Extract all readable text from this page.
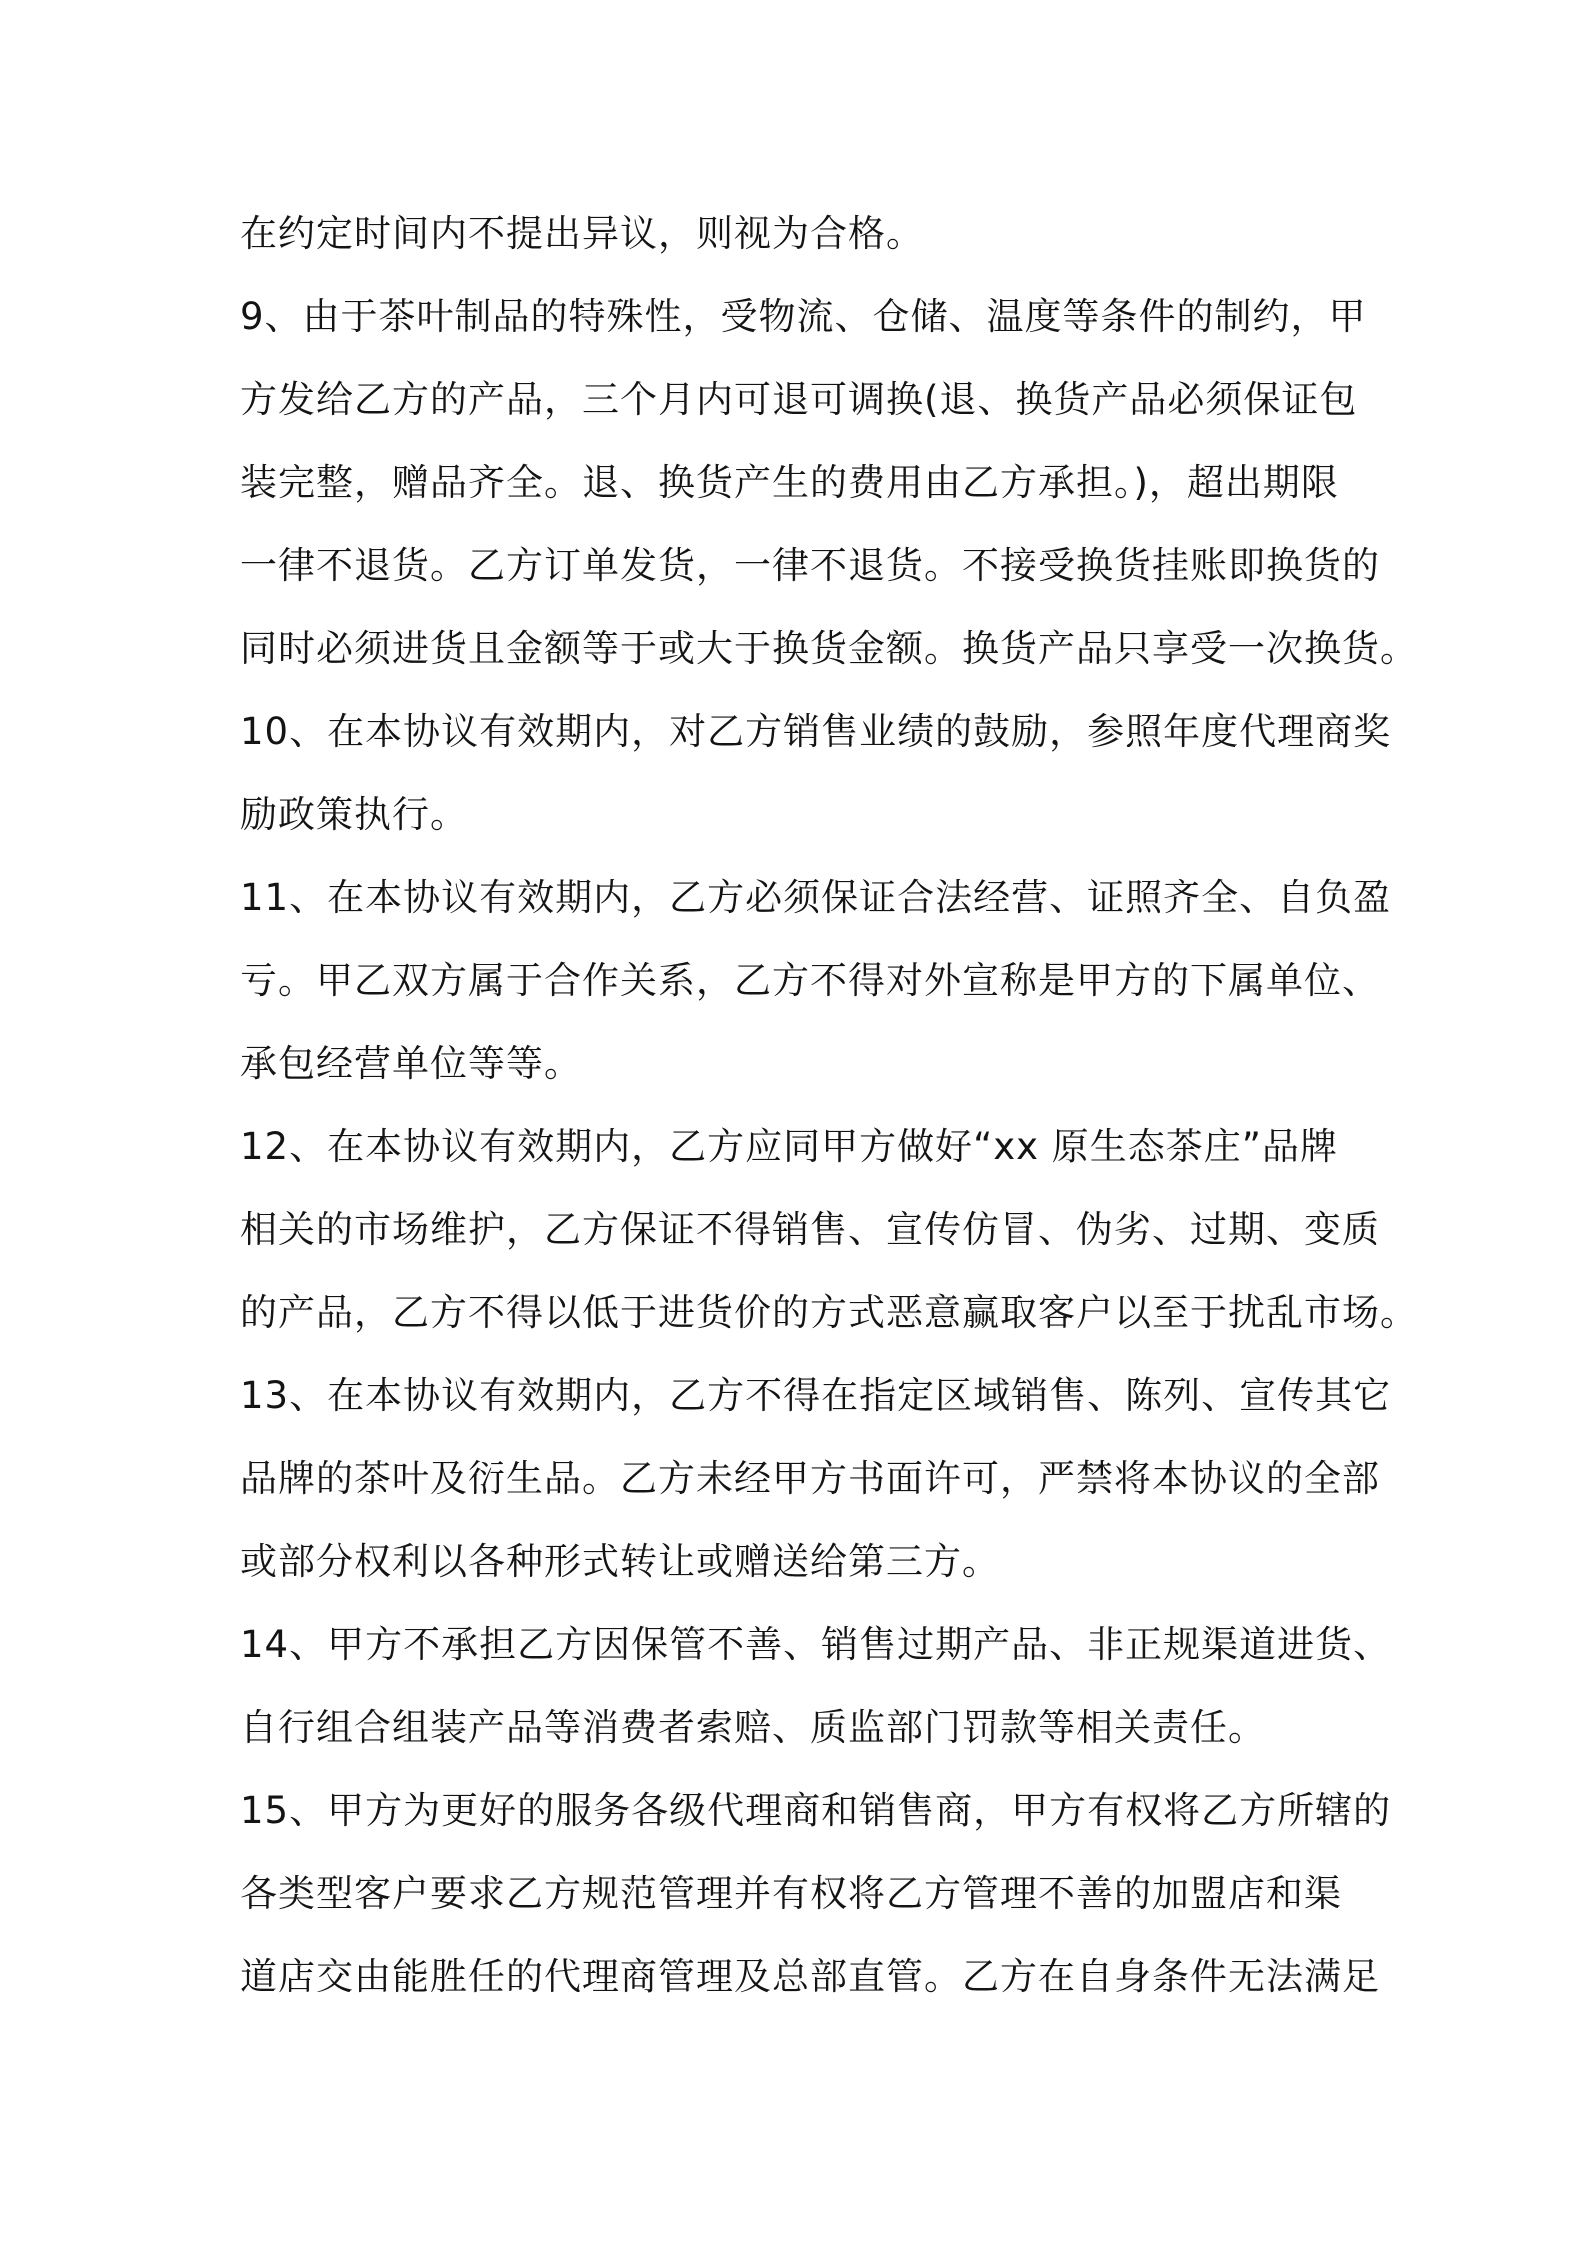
在约定时间内不提出异议，则视为合格。
9、由于茶叶制品的特殊性，受物流、仓储、温度等条件的制约，甲
方发给乙方的产品，三个月内可退可调换(退、换货产品必须保证包
装完整，赠品齐全。退、换货产生的费用由乙方承担。)，超出期限
一律不退货。乙方订单发货，一律不退货。不接受换货挂账即换货的
同时必须进货且金额等于或大于换货金额。换货产品只享受一次换货。
10、在本协议有效期内，对乙方销售业绩的鼓励，参照年度代理商奖
励政策执行。
11、在本协议有效期内，乙方必须保证合法经营、证照齐全、自负盈
亏。甲乙双方属于合作关系，乙方不得对外宣称是甲方的下属单位、
承包经营单位等等。
12、在本协议有效期内，乙方应同甲方做好“xx 原生态茶庄”品牌
相关的市场维护，乙方保证不得销售、宣传仿冒、伪劣、过期、变质
的产品，乙方不得以低于进货价的方式恶意赢取客户以至于扰乱市场。
13、在本协议有效期内，乙方不得在指定区域销售、陈列、宣传其它
品牌的茶叶及衍生品。乙方未经甲方书面许可，严禁将本协议的全部
或部分权利以各种形式转让或赠送给第三方。
14、甲方不承担乙方因保管不善、销售过期产品、非正规渠道进货、
自行组合组装产品等消费者索赔、质监部门罚款等相关责任。
15、甲方为更好的服务各级代理商和销售商，甲方有权将乙方所辖的
各类型客户要求乙方规范管理并有权将乙方管理不善的加盟店和渠
道店交由能胜任的代理商管理及总部直管。乙方在自身条件无法满足
